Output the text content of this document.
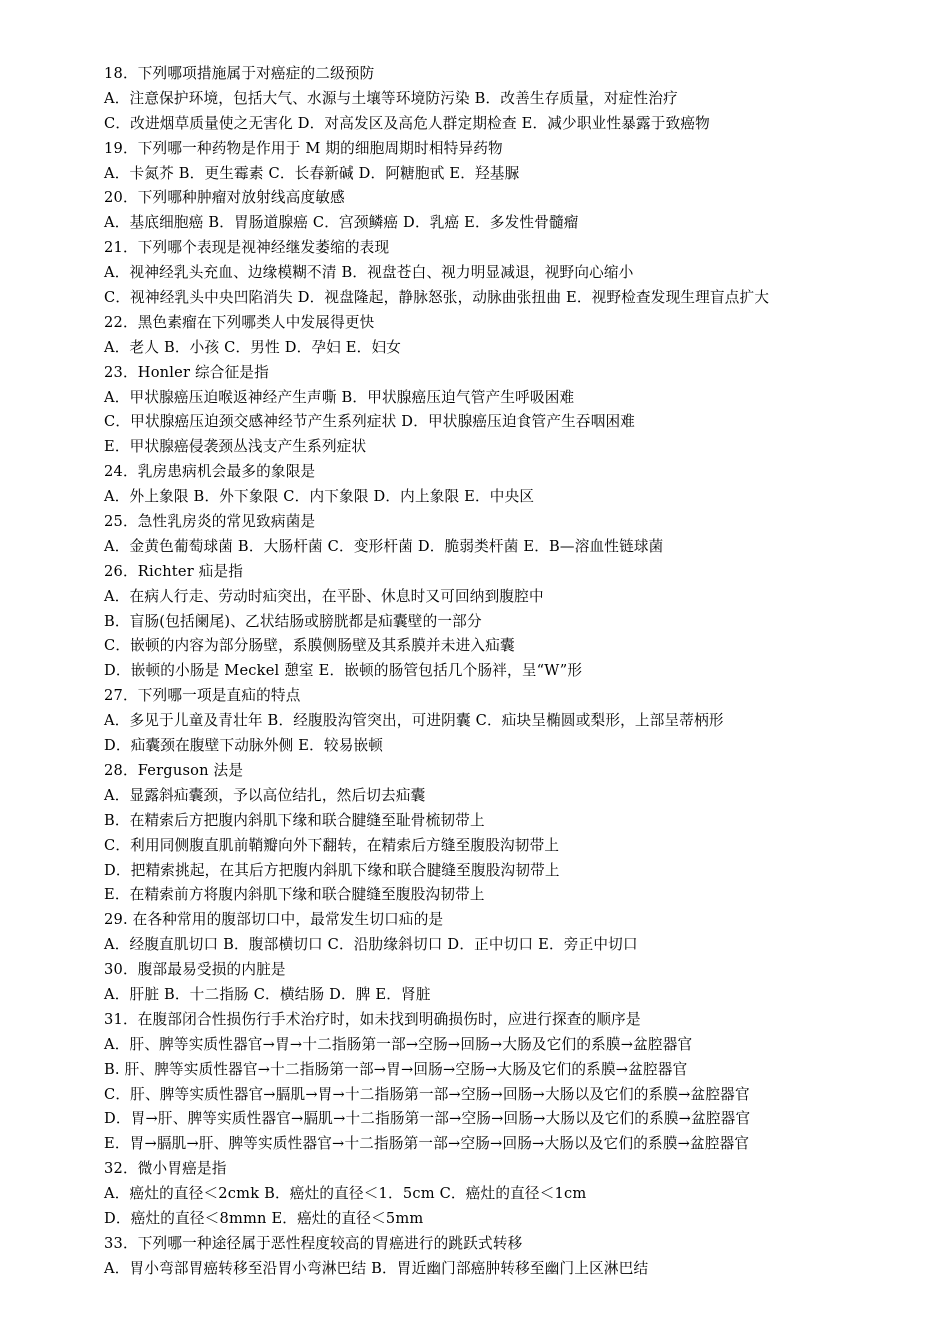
18．下列哪项措施属于对癌症的二级预防
A．注意保护环境，包括大气、水源与土壤等环境防污染 B．改善生存质量，对症性治疗
C．改进烟草质量使之无害化 D．对高发区及高危人群定期检查 E．减少职业性暴露于致癌物
19．下列哪一种药物是作用于 M 期的细胞周期时相特异药物
A．卡氮芥 B．更生霉素 C．长春新碱 D．阿糖胞甙 E．羟基脲
20．下列哪种肿瘤对放射线高度敏感
A．基底细胞癌 B．胃肠道腺癌 C．宫颈鳞癌 D．乳癌 E．多发性骨髓瘤
21．下列哪个表现是视神经继发萎缩的表现
A．视神经乳头充血、边缘模糊不清 B．视盘苍白、视力明显减退，视野向心缩小
C．视神经乳头中央凹陷消失 D．视盘隆起，静脉怒张，动脉曲张扭曲 E．视野检查发现生理盲点扩大
22．黑色素瘤在下列哪类人中发展得更快
A．老人 B．小孩 C．男性 D．孕妇 E．妇女
23．Honler 综合征是指
A．甲状腺癌压迫喉返神经产生声嘶 B．甲状腺癌压迫气管产生呼吸困难
C．甲状腺癌压迫颈交感神经节产生系列症状 D．甲状腺癌压迫食管产生吞咽困难
E．甲状腺癌侵袭颈丛浅支产生系列症状
24．乳房患病机会最多的象限是
A．外上象限 B．外下象限 C．内下象限 D．内上象限 E．中央区
25．急性乳房炎的常见致病菌是
A．金黄色葡萄球菌 B．大肠杆菌 C．变形杆菌 D．脆弱类杆菌 E．B—溶血性链球菌
26．Richter 疝是指
A．在病人行走、劳动时疝突出，在平卧、休息时又可回纳到腹腔中
B．盲肠(包括阑尾)、乙状结肠或膀胱都是疝囊壁的一部分
C．嵌顿的内容为部分肠壁，系膜侧肠壁及其系膜并未进入疝囊
D．嵌顿的小肠是 Meckel 憩室 E．嵌顿的肠管包括几个肠袢，呈“W”形
27．下列哪一项是直疝的特点
A．多见于儿童及青壮年 B．经腹股沟管突出，可进阴囊 C．疝块呈椭圆或梨形，上部呈蒂柄形
D．疝囊颈在腹壁下动脉外侧 E．较易嵌顿
28．Ferguson 法是
A．显露斜疝囊颈，予以高位结扎，然后切去疝囊
B．在精索后方把腹内斜肌下缘和联合腱缝至耻骨梳韧带上
C．利用同侧腹直肌前鞘瓣向外下翻转，在精索后方缝至腹股沟韧带上
D．把精索挑起，在其后方把腹内斜肌下缘和联合腱缝至腹股沟韧带上
E．在精索前方将腹内斜肌下缘和联合腱缝至腹股沟韧带上
29. 在各种常用的腹部切口中，最常发生切口疝的是
A．经腹直肌切口 B．腹部横切口 C．沿肋缘斜切口 D．正中切口 E．旁正中切口
30．腹部最易受损的内脏是
A．肝脏 B．十二指肠 C．横结肠 D．脾 E．肾脏
31．在腹部闭合性损伤行手术治疗时，如未找到明确损伤时，应进行探查的顺序是
A．肝、脾等实质性器官→胃→十二指肠第一部→空肠→回肠→大肠及它们的系膜→盆腔器官
B. 肝、脾等实质性器官→十二指肠第一部→胃→回肠→空肠→大肠及它们的系膜→盆腔器官
C．肝、脾等实质性器官→膈肌→胃→十二指肠第一部→空肠→回肠→大肠以及它们的系膜→盆腔器官
D．胃→肝、脾等实质性器官→膈肌→十二指肠第一部→空肠→回肠→大肠以及它们的系膜→盆腔器官
E．胃→膈肌→肝、脾等实质性器官→十二指肠第一部→空肠→回肠→大肠以及它们的系膜→盆腔器官
32．微小胃癌是指
A．癌灶的直径＜2cmk B．癌灶的直径＜1．5cm C．癌灶的直径＜1cm
D．癌灶的直径＜8mmn E．癌灶的直径＜5mm
33．下列哪一种途径属于恶性程度较高的胃癌进行的跳跃式转移
A．胃小弯部胃癌转移至沿胃小弯淋巴结 B．胃近幽门部癌肿转移至幽门上区淋巴结
